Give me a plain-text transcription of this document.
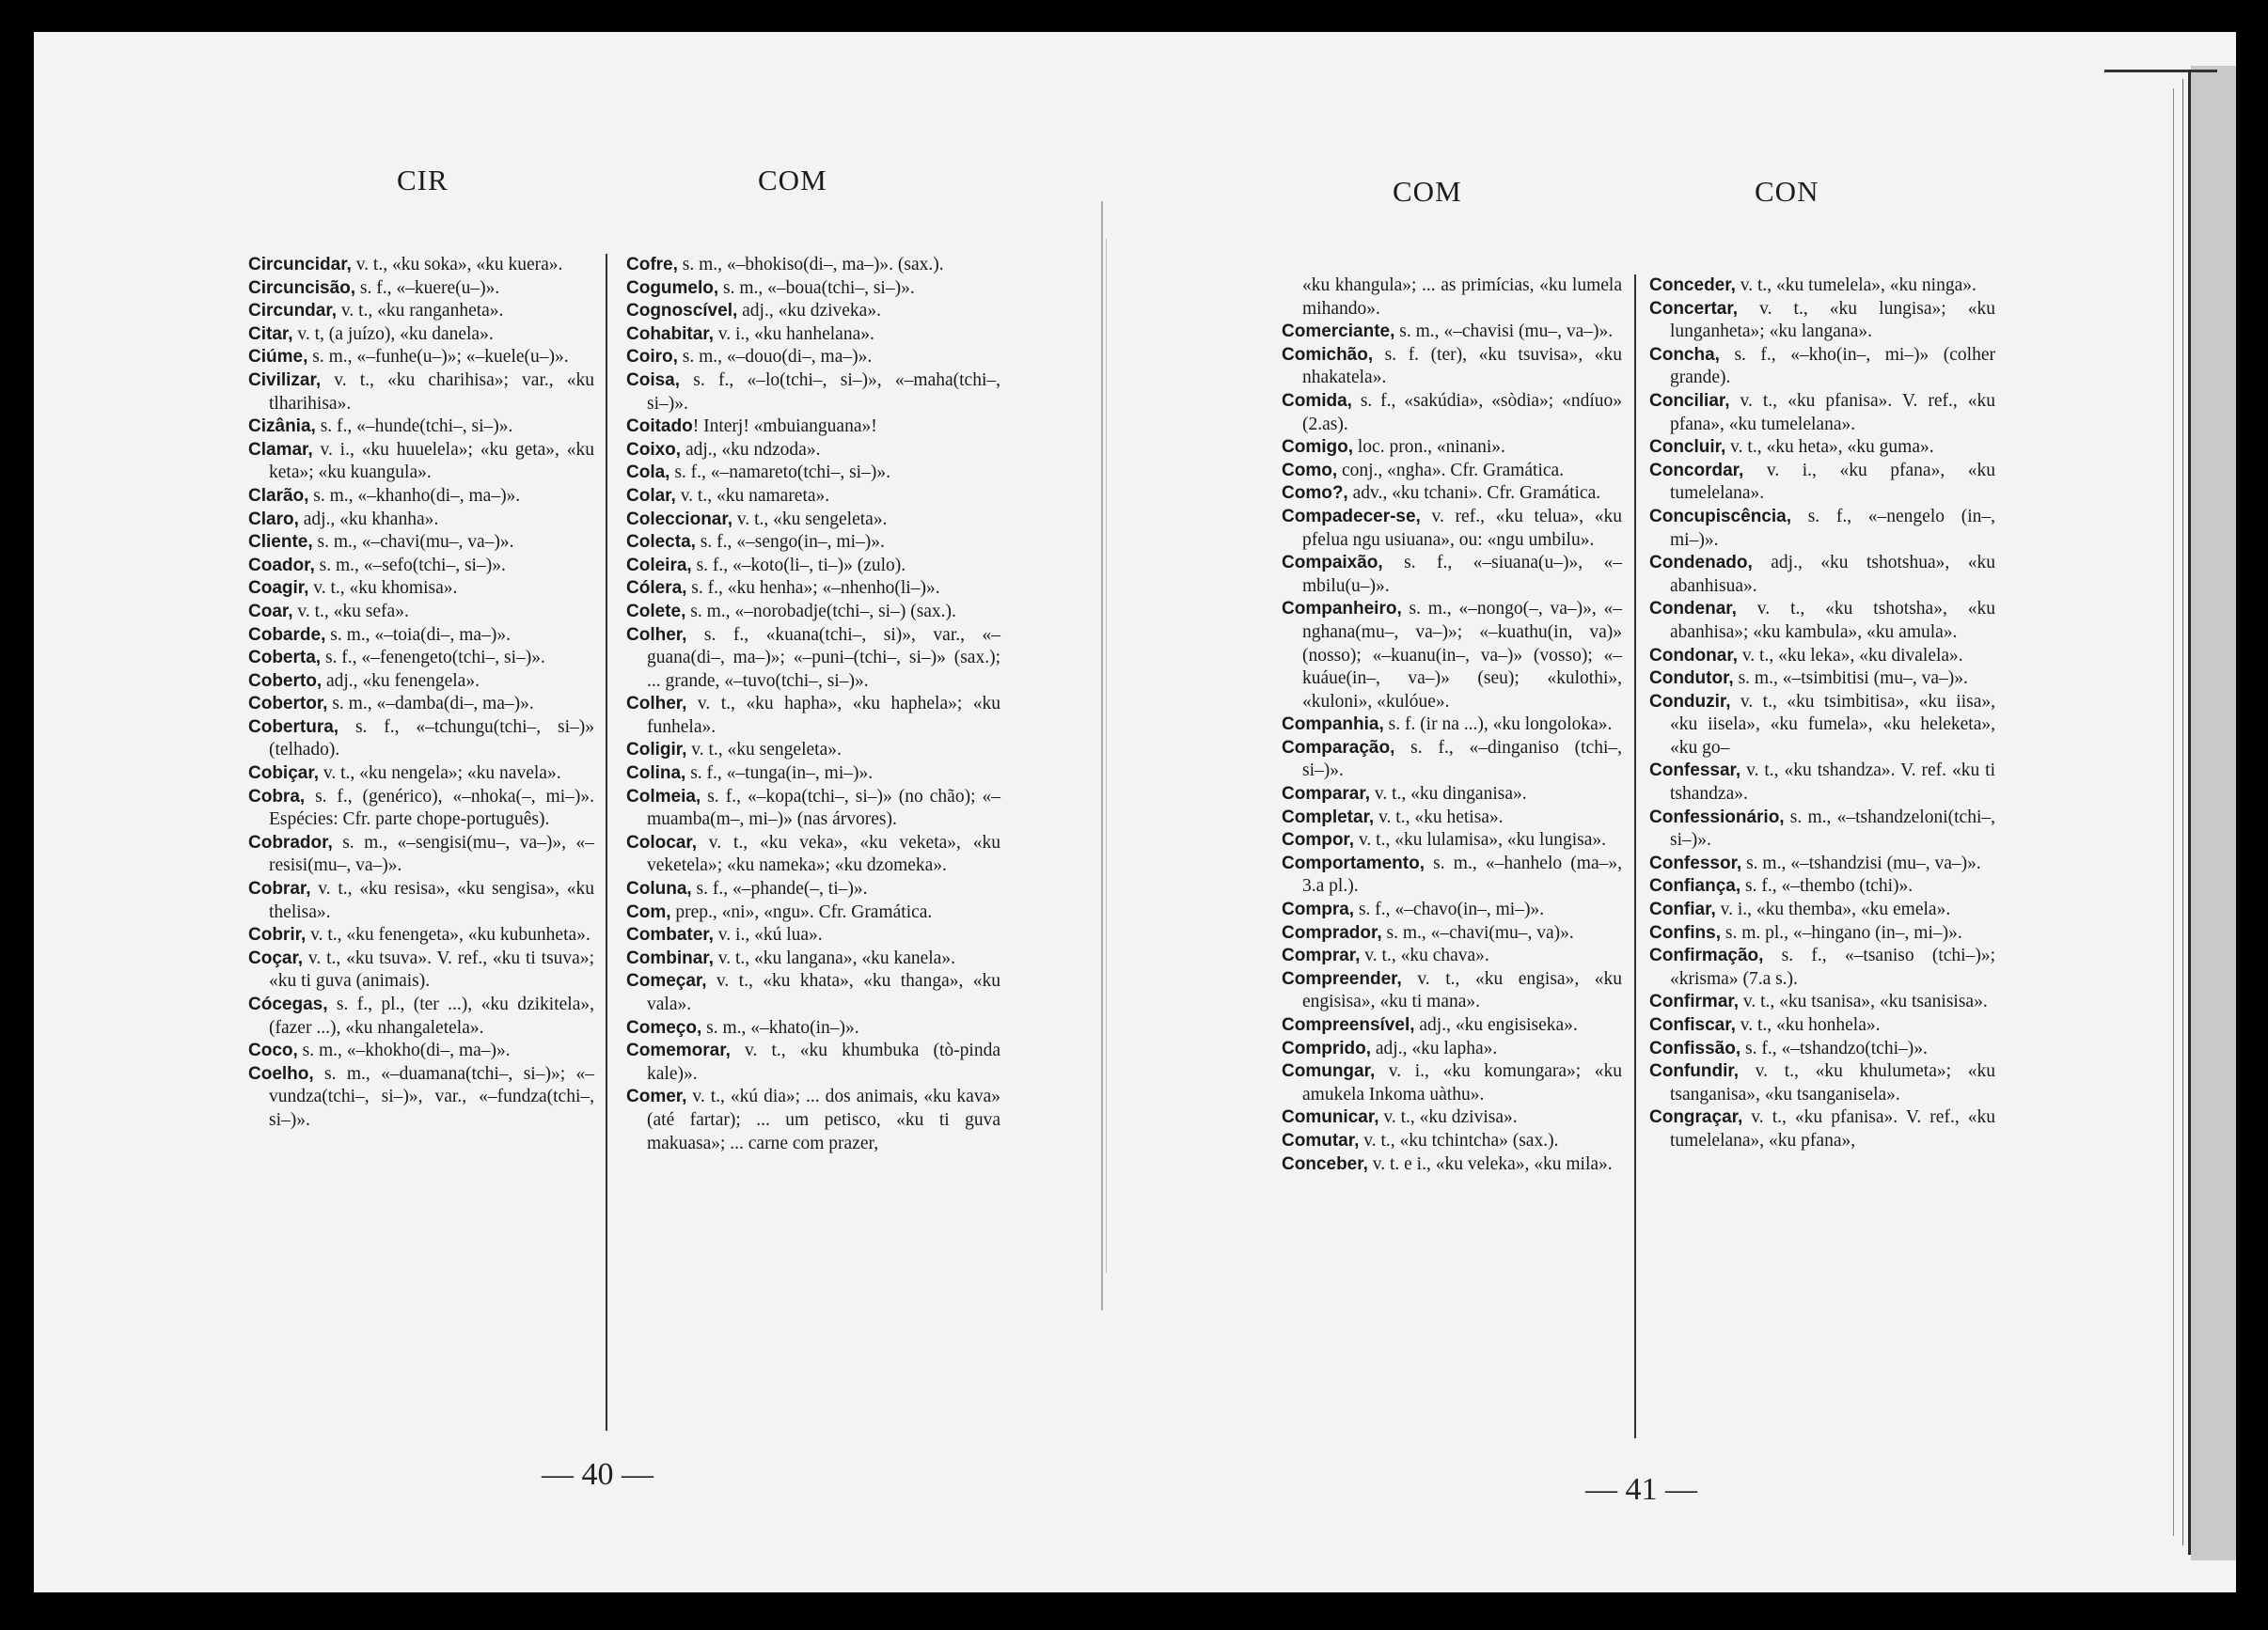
CIR	COM

Circuncidar, v. t., «ku soka», «ku kuera».

Circuncisão, s. f., «–kuere(u–)».

Circundar, v. t., «ku ranganheta».

Citar, v. t, (a juízo), «ku danela».

Ciúme, s. m., «–funhe(u–)»; «–kuele(u–)».

Civilizar, v. t., «ku charihisa»; var., «ku tlharihisa».

Cizânia, s. f., «–hunde(tchi–, si–)».

Clamar, v. i., «ku huuelela»; «ku geta», «ku keta»; «ku kuangula».

Clarão, s. m., «–khanho(di–, ma–)».

Claro, adj., «ku khanha».

Cliente, s. m., «–chavi(mu–, va–)».

Coador, s. m., «–sefo(tchi–, si–)».

Coagir, v. t., «ku khomisa».

Coar, v. t., «ku sefa».

Cobarde, s. m., «–toia(di–, ma–)».

Coberta, s. f., «–fenengeto(tchi–, si–)».

Coberto, adj., «ku fenengela».

Cobertor, s. m., «–damba(di–, ma–)».

Cobertura, s. f., «–tchungu(tchi–, si–)» (telhado).

Cobiçar, v. t., «ku nengela»; «ku navela».

Cobra, s. f., (genérico), «–nhoka(–, mi–)». Espécies: Cfr. parte chope-português).

Cobrador, s. m., «–sengisi(mu–, va–)», «–resisi(mu–, va–)».

Cobrar, v. t., «ku resisa», «ku sengisa», «ku thelisa».

Cobrir, v. t., «ku fenengeta», «ku kubunheta».

Coçar, v. t., «ku tsuva». V. ref., «ku ti tsuva»; «ku ti guva (animais).

Cócegas, s. f., pl., (ter ...), «ku dzikitela», (fazer ...), «ku nhangaletela».

Coco, s. m., «–khokho(di–, ma–)».

Coelho, s. m., «–duamana(tchi–, si–)»; «–vundza(tchi–, si–)», var., «–fundza(tchi–, si–)».

Cofre, s. m., «–bhokiso(di–, ma–)». (sax.).

Cogumelo, s. m., «–boua(tchi–, si–)».

Cognoscível, adj., «ku dziveka».

Cohabitar, v. i., «ku hanhelana».

Coiro, s. m., «–douo(di–, ma–)».

Coisa, s. f., «–lo(tchi–, si–)», «–maha(tchi–, si–)».

Coitado! Interj! «mbuianguana»!

Coixo, adj., «ku ndzoda».

Cola, s. f., «–namareto(tchi–, si–)».

Colar, v. t., «ku namareta».

Coleccionar, v. t., «ku sengeleta».

Colecta, s. f., «–sengo(in–, mi–)».

Coleira, s. f., «–koto(li–, ti–)» (zulo).

Cólera, s. f., «ku henha»; «–nhenho(li–)».

Colete, s. m., «–norobadje(tchi–, si–) (sax.).

Colher, s. f., «kuana(tchi–, si)», var., «–guana(di–, ma–)»; «–puni–(tchi–, si–)» (sax.); ... grande, «–tuvo(tchi–, si–)».

Colher, v. t., «ku hapha», «ku haphela»; «ku funhela».

Coligir, v. t., «ku sengeleta».

Colina, s. f., «–tunga(in–, mi–)».

Colmeia, s. f., «–kopa(tchi–, si–)» (no chão); «–muamba(m–, mi–)» (nas árvores).

Colocar, v. t., «ku veka», «ku veketa», «ku veketela»; «ku nameka»; «ku dzomeka».

Coluna, s. f., «–phande(–, ti–)».

Com, prep., «ni», «ngu». Cfr. Gramática.

Combater, v. i., «kú lua».

Combinar, v. t., «ku langana», «ku kanela».

Começar, v. t., «ku khata», «ku thanga», «ku vala».

Começo, s. m., «–khato(in–)».

Comemorar, v. t., «ku khumbuka (tò-pinda kale)».

Comer, v. t., «kú dia»; ... dos animais, «ku kava» (até fartar); ... um petisco, «ku ti guva makuasa»; ... carne com prazer,

— 40 —
COM	CON

«ku khangula»; ... as primícias, «ku lumela mihando».

Comerciante, s. m., «–chavisi (mu–, va–)».

Comichão, s. f. (ter), «ku tsuvisa», «ku nhakatela».

Comida, s. f., «sakúdia», «sòdia»; «ndíuo» (2.as).

Comigo, loc. pron., «ninani».

Como, conj., «ngha». Cfr. Gramática.

Como?, adv., «ku tchani». Cfr. Gramática.

Compadecer-se, v. ref., «ku telua», «ku pfelua ngu usiuana», ou: «ngu umbilu».

Compaixão, s. f., «–siuana(u–)», «–mbilu(u–)».

Companheiro, s. m., «–nongo(–, va–)», «–nghana(mu–, va–)»; «–kuathu(in, va)» (nosso); «–kuanu(in–, va–)» (vosso); «–kuáue(in–, va–)» (seu); «kulothi», «kuloni», «kulóue».

Companhia, s. f. (ir na ...), «ku longoloka».

Comparação, s. f., «–dinganiso (tchi–, si–)».

Comparar, v. t., «ku dinganisa».

Completar, v. t., «ku hetisa».

Compor, v. t., «ku lulamisa», «ku lungisa».

Comportamento, s. m., «–hanhelo (ma–», 3.a pl.).

Compra, s. f., «–chavo(in–, mi–)».

Comprador, s. m., «–chavi(mu–, va)».

Comprar, v. t., «ku chava».

Compreender, v. t., «ku engisa», «ku engisisa», «ku ti mana».

Compreensível, adj., «ku engisiseka».

Comprido, adj., «ku lapha».

Comungar, v. i., «ku komungara»; «ku amukela Inkoma uàthu».

Comunicar, v. t., «ku dzivisa».

Comutar, v. t., «ku tchintcha» (sax.).

Conceber, v. t. e i., «ku veleka», «ku mila».

Conceder, v. t., «ku tumelela», «ku ninga».

Concertar, v. t., «ku lungisa»; «ku lunganheta»; «ku langana».

Concha, s. f., «–kho(in–, mi–)» (colher grande).

Conciliar, v. t., «ku pfanisa». V. ref., «ku pfana», «ku tumelelana».

Concluir, v. t., «ku heta», «ku guma».

Concordar, v. i., «ku pfana», «ku tumelelana».

Concupiscência, s. f., «–nengelo (in–, mi–)».

Condenado, adj., «ku tshotshua», «ku abanhisua».

Condenar, v. t., «ku tshotsha», «ku abanhisa»; «ku kambula», «ku amula».

Condonar, v. t., «ku leka», «ku divalela».

Condutor, s. m., «–tsimbitisi (mu–, va–)».

Conduzir, v. t., «ku tsimbitisa», «ku iisa», «ku iisela», «ku fumela», «ku heleketa», «ku go–

Confessar, v. t., «ku tshandza». V. ref. «ku ti tshandza».

Confessionário, s. m., «–tshandzeloni(tchi–, si–)».

Confessor, s. m., «–tshandzisi (mu–, va–)».

Confiança, s. f., «–thembo (tchi)».

Confiar, v. i., «ku themba», «ku emela».

Confins, s. m. pl., «–hingano (in–, mi–)».

Confirmação, s. f., «–tsaniso (tchi–)»; «krisma» (7.a s.).

Confirmar, v. t., «ku tsanisa», «ku tsanisisa».

Confiscar, v. t., «ku honhela».

Confissão, s. f., «–tshandzo(tchi–)».

Confundir, v. t., «ku khulumeta»; «ku tsanganisa», «ku tsanganisela».

Congraçar, v. t., «ku pfanisa». V. ref., «ku tumelelana», «ku pfana»,

— 41 —
